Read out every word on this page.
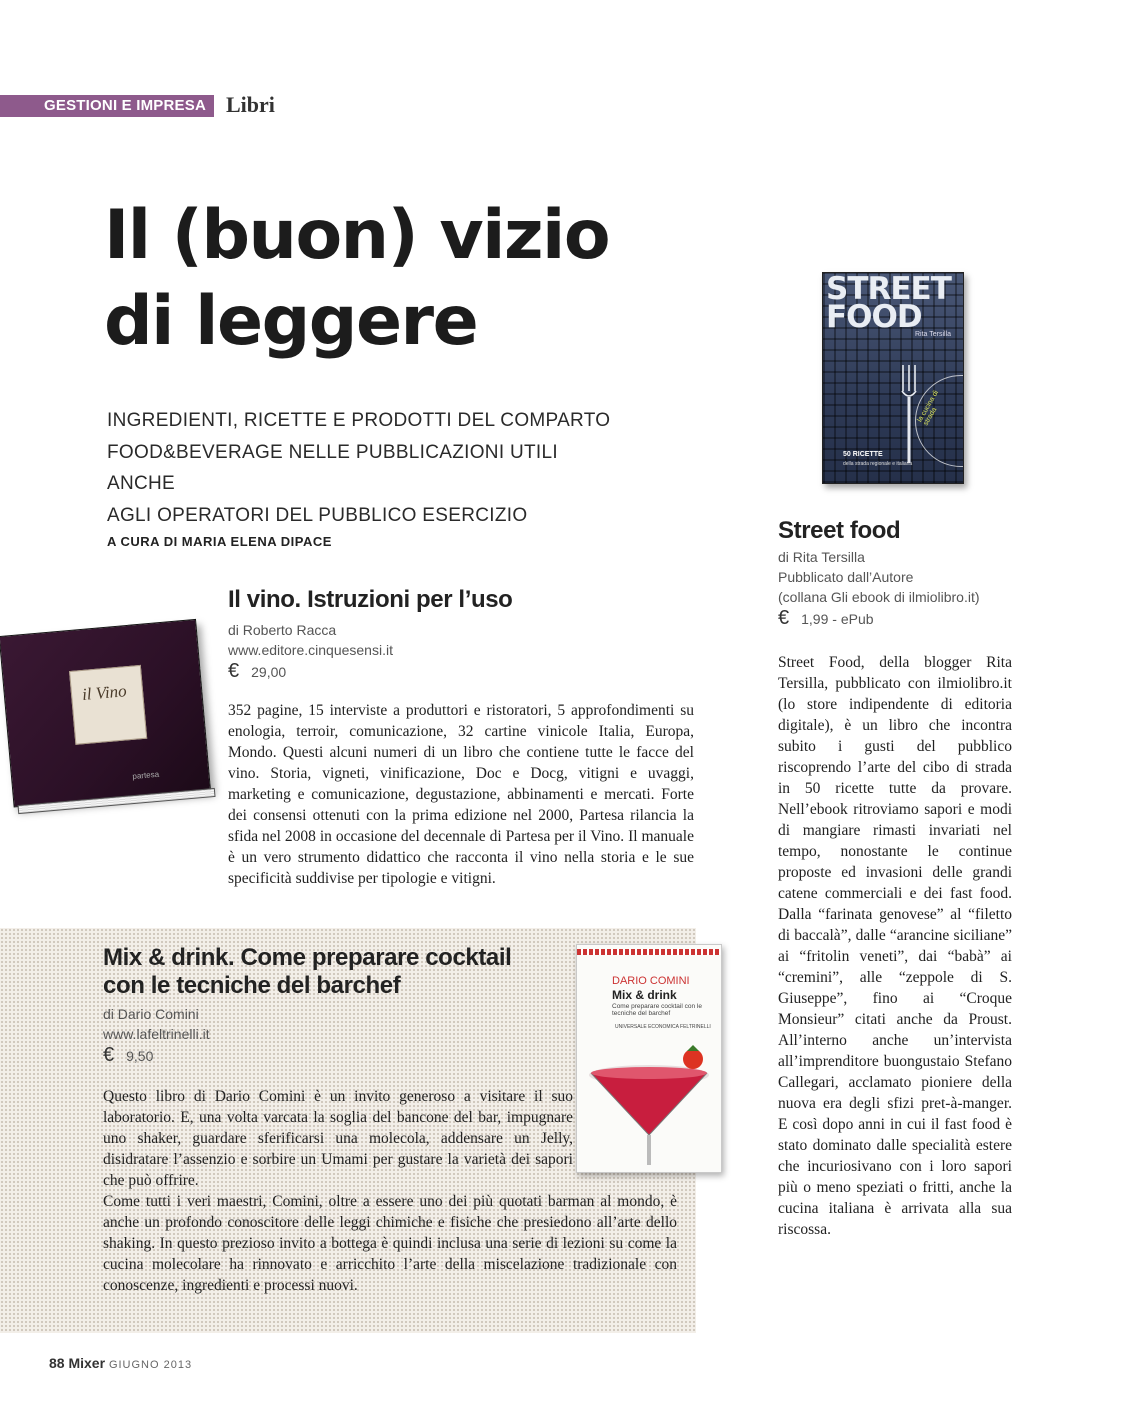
GESTIONI E IMPRESA Libri
Il (buon) vizio
di leggere
INGREDIENTI, RICETTE E PRODOTTI DEL COMPARTO
FOOD&BEVERAGE NELLE PUBBLICAZIONI UTILI ANCHE
AGLI OPERATORI DEL PUBBLICO ESERCIZIO
A CURA DI MARIA ELENA DIPACE
il Vino
partesa
Il vino. Istruzioni per l’uso
di Roberto Racca
www.editore.cinquesensi.it
€ 29,00
352 pagine, 15 interviste a produttori e ristoratori, 5 approfondimenti su enologia, terroir, comunicazione, 32 cartine vinicole Italia, Europa, Mondo. Questi alcuni numeri di un libro che contiene tutte le facce del vino. Storia, vigneti, vinificazione, Doc e Docg, vitigni e uvaggi, marketing e comunicazione, degustazione, abbinamenti e mercati. Forte dei consensi ottenuti con la prima edizione nel 2000, Partesa rilancia la sfida nel 2008 in occasione del decennale di Partesa per il Vino. Il manuale è un vero strumento didattico che racconta il vino nella storia e le sue specificità suddivise per tipologie e vitigni.
Mix & drink. Come preparare cocktail
con le tecniche del barchef
di Dario Comini
www.lafeltrinelli.it
€ 9,50
DARIO COMINI
Mix & drink
Come preparare cocktail con le tecniche del barchef
UNIVERSALE ECONOMICA FELTRINELLI
Questo libro di Dario Comini è un invito generoso a visitare il suo laboratorio. E, una volta varcata la soglia del bancone del bar, impugnare uno shaker, guardare sferificarsi una molecola, addensare un Jelly, disidratare l’assenzio e sorbire un Umami per gustare la varietà dei sapori che può offrire.
Come tutti i veri maestri, Comini, oltre a essere uno dei più quotati barman al mondo, è anche un profondo conoscitore delle leggi chimiche e fisiche che presiedono all’arte dello shaking. In questo prezioso invito a bottega è quindi inclusa una serie di lezioni su come la cucina molecolare ha rinnovato e arricchito l’arte della miscelazione tradizionale con conoscenze, ingredienti e processi nuovi.
STREET FOOD
Rita Tersilla
la cucina di strada
50 RICETTE
della strada regionale e italiana
Street food
di Rita Tersilla
Pubblicato dall’Autore
(collana Gli ebook di ilmiolibro.it)
€ 1,99 - ePub
Street Food, della blogger Rita Tersilla, pubblicato con ilmiolibro.it (lo store indipendente di editoria digitale), è un libro che incontra subito i gusti del pubblico riscoprendo l’arte del cibo di strada in 50 ricette tutte da provare. Nell’ebook ritroviamo sapori e modi di mangiare rimasti invariati nel tempo, nonostante le continue proposte ed invasioni delle grandi catene commerciali e dei fast food. Dalla “farinata genovese” al “filetto di baccalà”, dalle “arancine siciliane” ai “fritolin veneti”, dai “babà” ai “cremini”, alle “zeppole di S. Giuseppe”, fino ai “Croque Monsieur” citati anche da Proust. All’interno anche un’intervista all’imprenditore buongustaio Stefano Callegari, acclamato pioniere della nuova era degli sfizi pret-à-manger. E così dopo anni in cui il fast food è stato dominato dalle specialità estere che incuriosivano con i loro sapori più o meno speziati o fritti, anche la cucina italiana è arrivata alla sua riscossa.
88 Mixer GIUGNO 2013
